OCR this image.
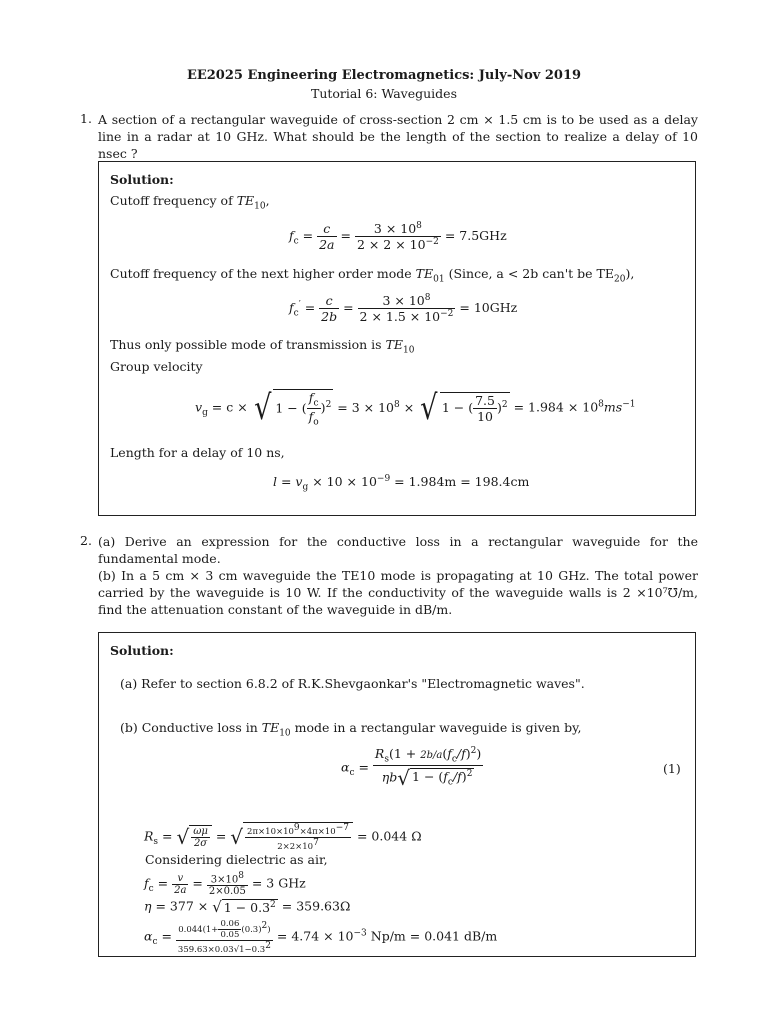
EE2025 Engineering Electromagnetics: July-Nov 2019
Tutorial 6: Waveguides
1. A section of a rectangular waveguide of cross-section 2 cm × 1.5 cm is to be used as a delay line in a radar at 10 GHz. What should be the length of the section to realize a delay of 10 nsec ?
Solution:
Cutoff frequency of $TE_{10}$,
$f_c = \frac{c}{2a} = \frac{3 \times 10^8}{2 \times 2 \times 10^{-2}} = 7.5GHz$
Cutoff frequency of the next higher order mode $TE_{01}$ (Since, a < 2b can't be $TE_{20}$),
$f_c' = \frac{c}{2b} = \frac{3 \times 10^8}{2 \times 1.5 \times 10^{-2}} = 10GHz$
Thus only possible mode of transmission is $TE_{10}$
Group velocity
$v_g = c$ × √ 1 − ( $\frac{f_c}{f_o} )^2 = 3 \times 10^8$ × √ 1 − ( $\frac{7.5}{10} )^2 = 1.984 \times 10^8ms^{-1}$
Length for a delay of 10 ns,
$l = v_g \times 10 \times 10^{-9} = 1.984m = 198.4cm$
2. (a) Derive an expression for the conductive loss in a rectangular waveguide for the fundamental mode.
(b) In a 5 cm × 3 cm waveguide the TE10 mode is propagating at 10 GHz. The total power carried by the waveguide is 10 W. If the conductivity of the waveguide walls is 2 ×10⁷℧/m, find the attenuation constant of the waveguide in dB/m.
Solution:
(a) Refer to section 6.8.2 of R.K.Shevgaonkar's "Electromagnetic waves".
(b) Conductive loss in $TE_{10}$ mode in a rectangular waveguide is given by,
$\alpha_c = \frac{R_s(1 + 2b/a(f_c/f)^2)}{\eta b√ 1 - (f_c/f)^2}$	(1)
$R_s$ = √ $\frac{\omega\mu}{2\sigma}$ = √ $\frac{2\pi\times 10\times 10^9\times 4\pi\times 10^{-7}}{2\times 2\times 10^7} = 0.044$ Ω
Considering dielectric as air,
$f_c = \frac{v}{2a} = \frac{3\times 10^8}{2\times 0.05} = 3$ GHz
η = 377 × √ $1 - 0.3^2 = 359.63\Omega$
$\alpha_c = \frac{0.044(1+ \frac{0.06}{0.05} (0.3)^2)}{359.63\times 0.03√1-0.3^2} = 4.74 \times 10^{-3}$ Np/m = 0.041 dB/m
